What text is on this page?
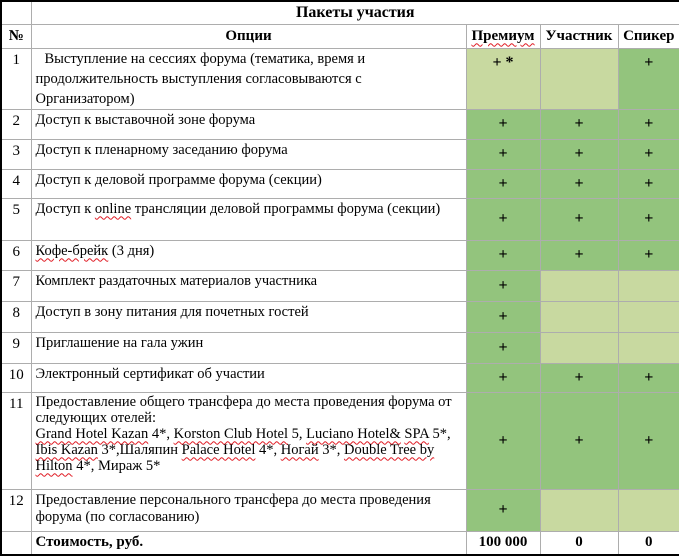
	Пакеты участия			
№	Опции	Премиум	Участник	Спикер
1	Выступление на сессиях форума (тематика, время и продолжительность выступления согласовываются с Организатором)	+ *		+
2	Доступ к выставочной зоне форума	+	+	+
3	Доступ к пленарному заседанию форума	+	+	+
4	Доступ к деловой программе форума (секции)	+	+	+
5	Доступ к online трансляции деловой программы форума (секции)	+	+	+
6	Кофе-брейк (3 дня)	+	+	+
7	Комплект раздаточных материалов участника	+		
8	Доступ в зону питания для почетных гостей	+		
9	Приглашение на гала ужин	+		
10	Электронный сертификат об участии	+	+	+
11	Предоставление общего трансфера до места проведения форума от следующих отелей:
Grand Hotel Kazan 4*, Korston Club Hotel 5, Luciano Hotel& SPA 5*, Ibis Kazan 3*,Шаляпин Palace Hotel 4*, Ногай 3*, Double Tree by Hilton 4*, Мираж 5*	+	+	+
12	Предоставление персонального трансфера до места проведения форума (по согласованию)	+		
	Стоимость, руб.	100 000	0	0
